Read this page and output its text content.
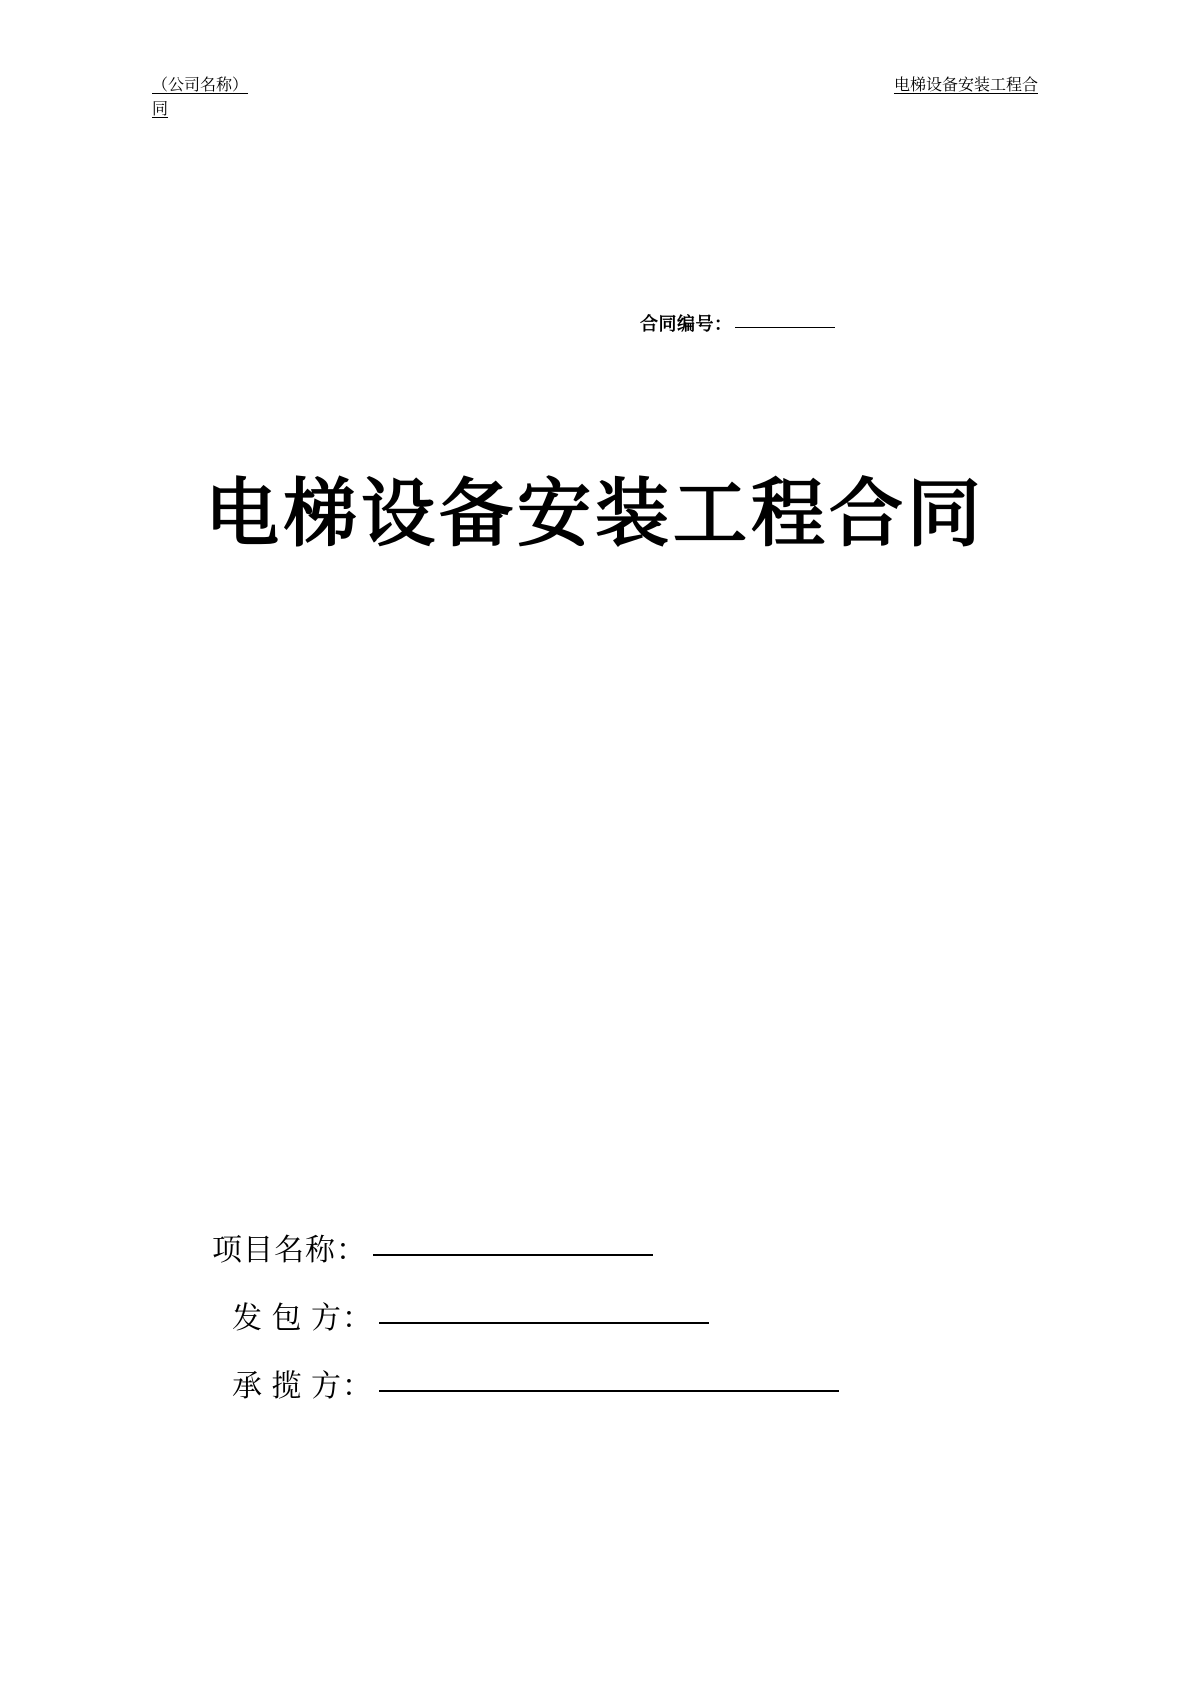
（公司名称）	电梯设备安装工程合
同
合同编号：
电梯设备安装工程合同
项目名称：
发 包 方：
承 揽 方：
